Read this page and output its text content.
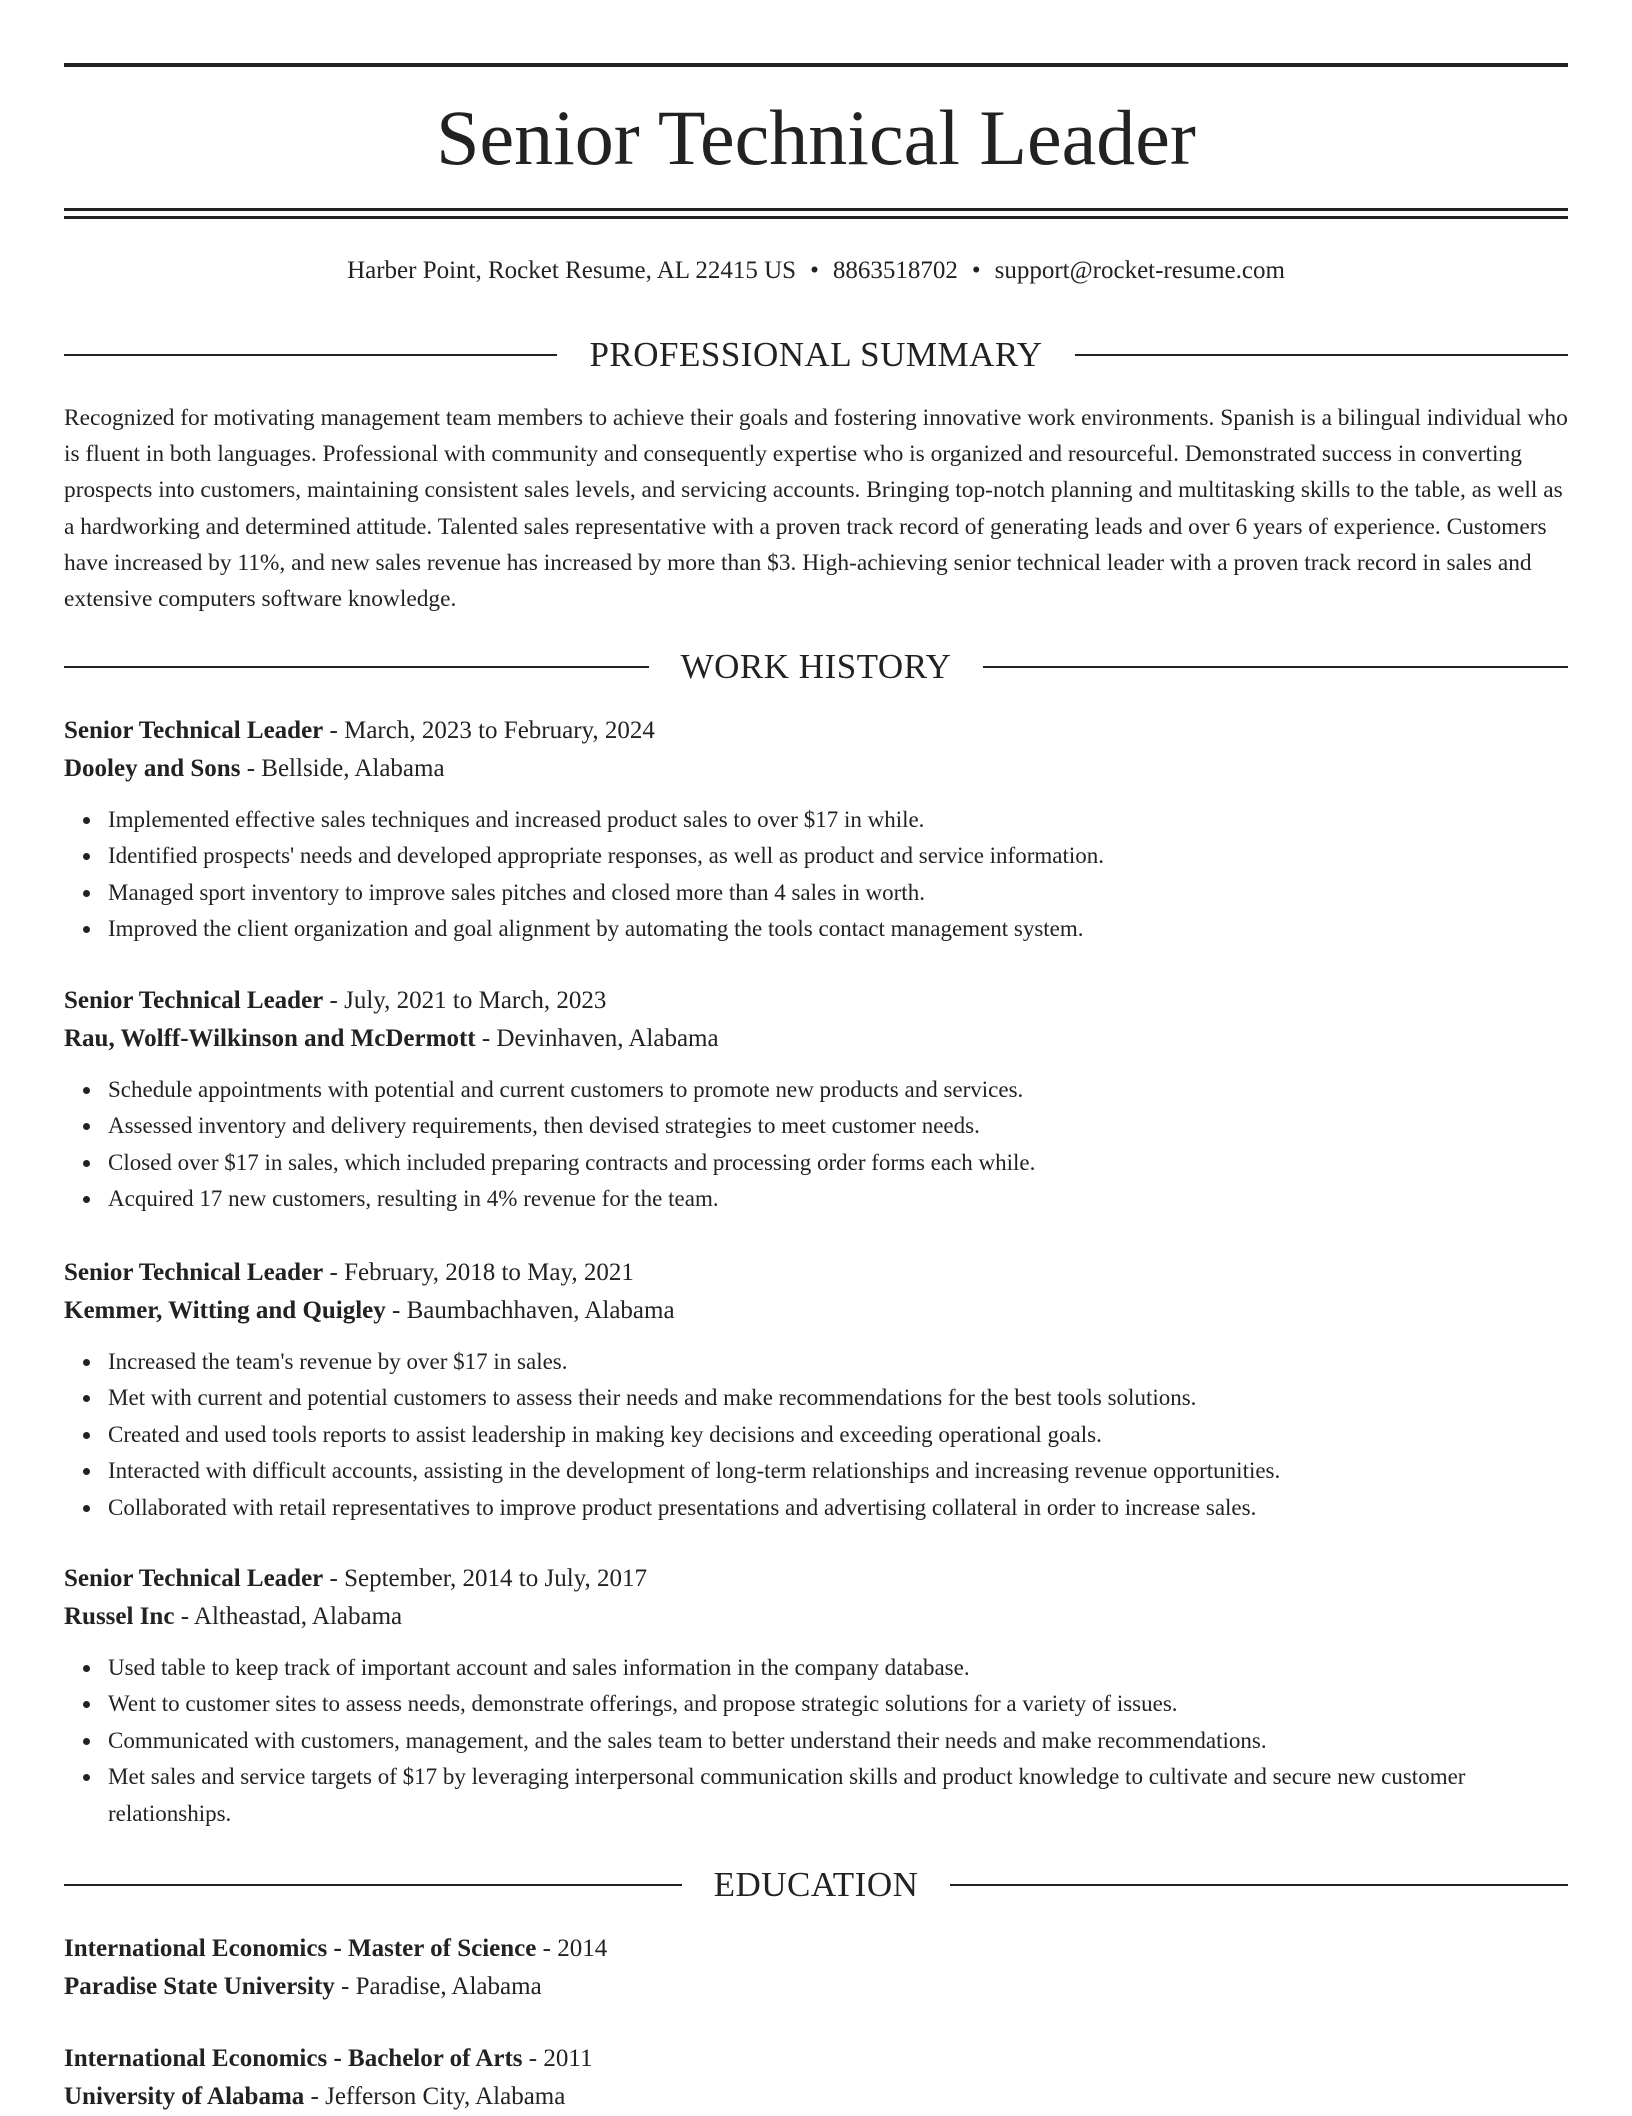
Senior Technical Leader
Harber Point, Rocket Resume, AL 22415 US • 8863518702 • support@rocket-resume.com
PROFESSIONAL SUMMARY

Recognized for motivating management team members to achieve their goals and fostering innovative work environments. Spanish is a bilingual individual who is fluent in both languages. Professional with community and consequently expertise who is organized and resourceful. Demonstrated success in converting prospects into customers, maintaining consistent sales levels, and servicing accounts. Bringing top-notch planning and multitasking skills to the table, as well as a hardworking and determined attitude. Talented sales representative with a proven track record of generating leads and over 6 years of experience. Customers have increased by 11%, and new sales revenue has increased by more than $3. High-achieving senior technical leader with a proven track record in sales and extensive computers software knowledge.

WORK HISTORY
Senior Technical Leader - March, 2023 to February, 2024
Dooley and Sons - Bellside, Alabama
Implemented effective sales techniques and increased product sales to over $17 in while.
Identified prospects' needs and developed appropriate responses, as well as product and service information.
Managed sport inventory to improve sales pitches and closed more than 4 sales in worth.
Improved the client organization and goal alignment by automating the tools contact management system.
Senior Technical Leader - July, 2021 to March, 2023
Rau, Wolff-Wilkinson and McDermott - Devinhaven, Alabama
Schedule appointments with potential and current customers to promote new products and services.
Assessed inventory and delivery requirements, then devised strategies to meet customer needs.
Closed over $17 in sales, which included preparing contracts and processing order forms each while.
Acquired 17 new customers, resulting in 4% revenue for the team.
Senior Technical Leader - February, 2018 to May, 2021
Kemmer, Witting and Quigley - Baumbachhaven, Alabama
Increased the team's revenue by over $17 in sales.
Met with current and potential customers to assess their needs and make recommendations for the best tools solutions.
Created and used tools reports to assist leadership in making key decisions and exceeding operational goals.
Interacted with difficult accounts, assisting in the development of long-term relationships and increasing revenue opportunities.
Collaborated with retail representatives to improve product presentations and advertising collateral in order to increase sales.
Senior Technical Leader - September, 2014 to July, 2017
Russel Inc - Altheastad, Alabama
Used table to keep track of important account and sales information in the company database.
Went to customer sites to assess needs, demonstrate offerings, and propose strategic solutions for a variety of issues.
Communicated with customers, management, and the sales team to better understand their needs and make recommendations.
Met sales and service targets of $17 by leveraging interpersonal communication skills and product knowledge to cultivate and secure new customer relationships.
EDUCATION
International Economics - Master of Science - 2014
Paradise State University - Paradise, Alabama
International Economics - Bachelor of Arts - 2011
University of Alabama - Jefferson City, Alabama
